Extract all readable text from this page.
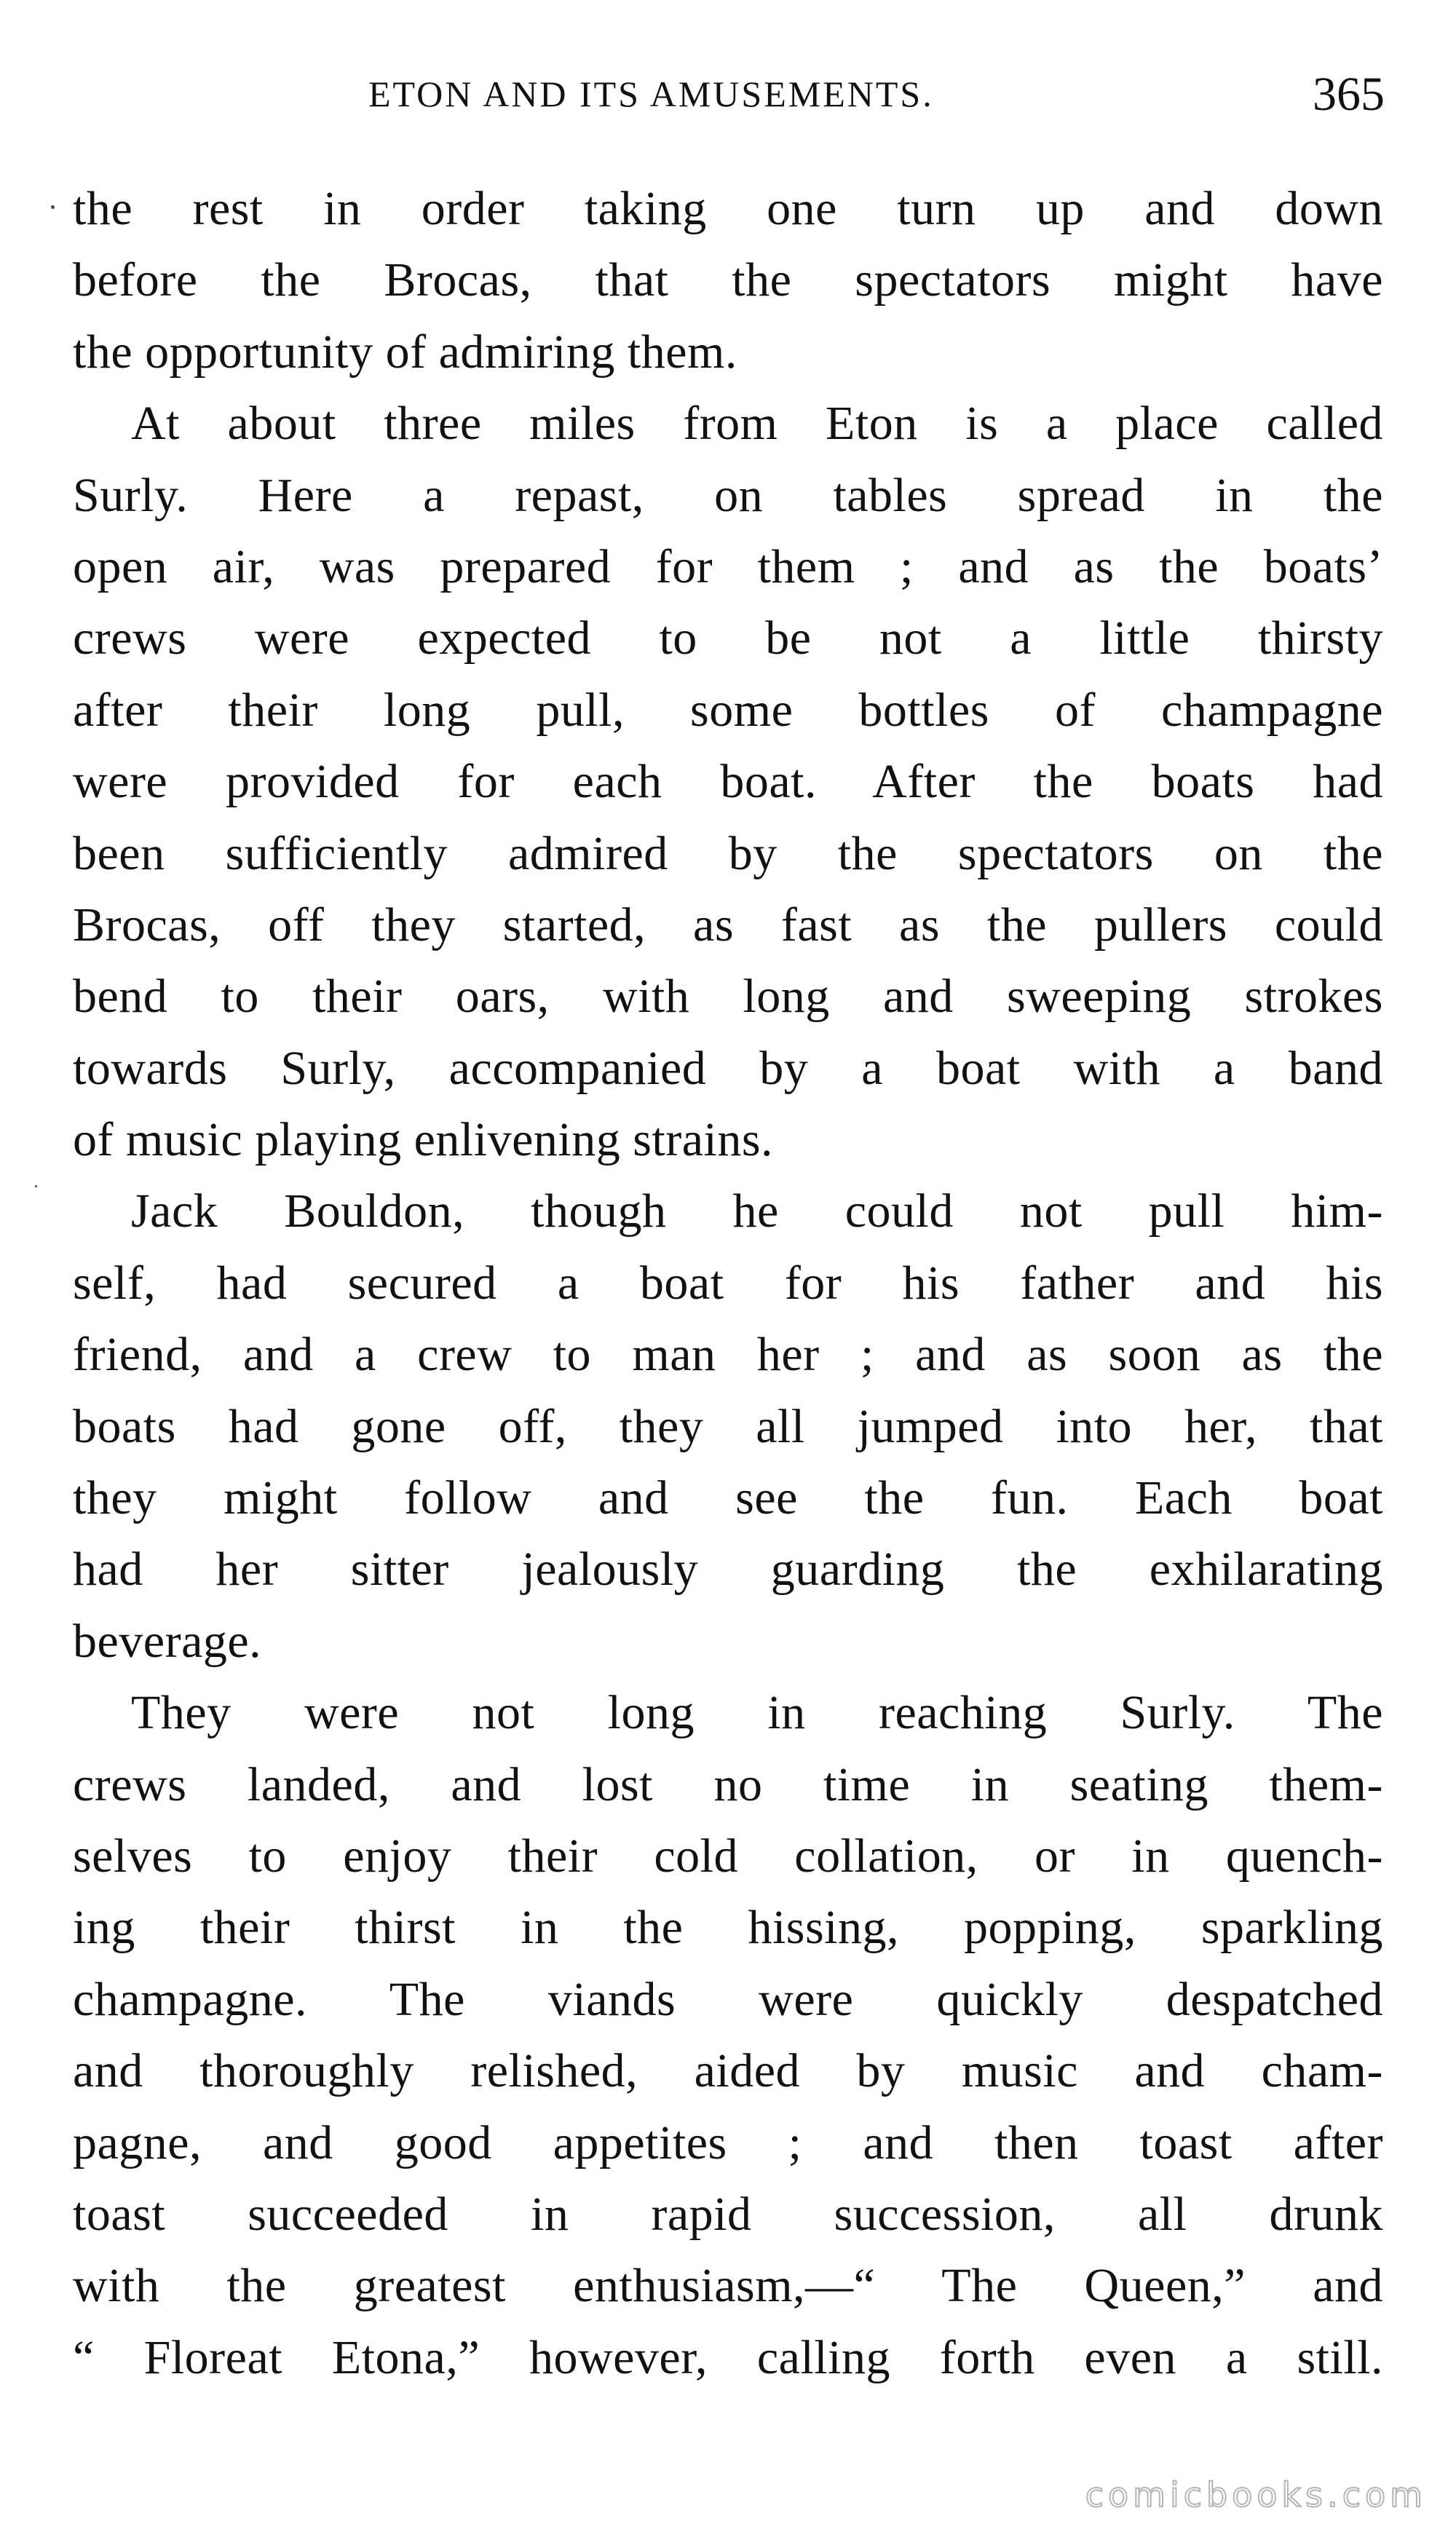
ETON AND ITS AMUSEMENTS.	365
the rest in order taking one turn up and down
before the Brocas, that the spectators might have
the opportunity of admiring them.
At about three miles from Eton is a place called
Surly. Here a repast, on tables spread in the
open air, was prepared for them ; and as the boats’
crews were expected to be not a little thirsty
after their long pull, some bottles of champagne
were provided for each boat. After the boats had
been sufficiently admired by the spectators on the
Brocas, off they started, as fast as the pullers could
bend to their oars, with long and sweeping strokes
towards Surly, accompanied by a boat with a band
of music playing enlivening strains.
Jack Bouldon, though he could not pull him-
self, had secured a boat for his father and his
friend, and a crew to man her ; and as soon as the
boats had gone off, they all jumped into her, that
they might follow and see the fun. Each boat
had her sitter jealously guarding the exhilarating
beverage.
They were not long in reaching Surly. The
crews landed, and lost no time in seating them-
selves to enjoy their cold collation, or in quench-
ing their thirst in the hissing, popping, sparkling
champagne. The viands were quickly despatched
and thoroughly relished, aided by music and cham-
pagne, and good appetites ; and then toast after
toast succeeded in rapid succession, all drunk
with the greatest enthusiasm,—“ The Queen,” and
“ Floreat Etona,” however, calling forth even a still.
comicbooks.com
